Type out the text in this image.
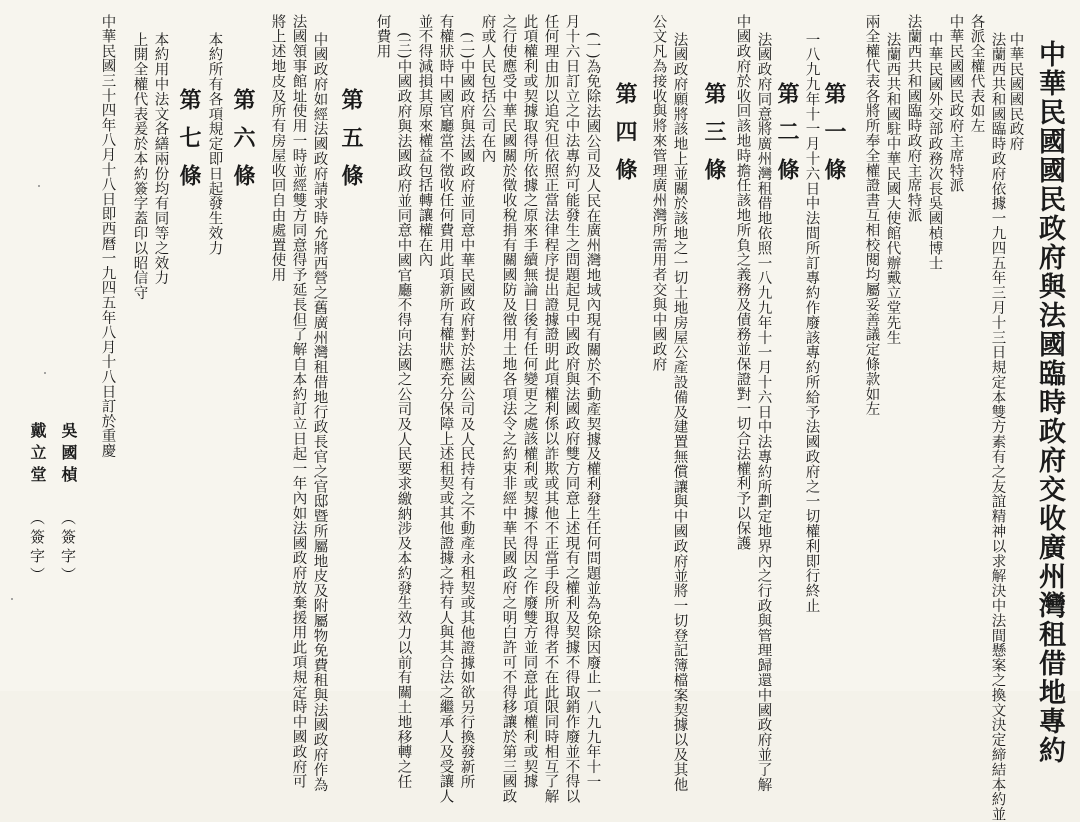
中華民國國民政府與法國臨時政府交收廣州灣租借地專約
中華民國國民政府
法蘭西共和國臨時政府依據一九四五年三月十三日規定本雙方素有之友誼精神以求解決中法間懸案之換文決定締結本約並
各派全權代表如左
中華民國國民政府主席特派
中華民國外交部政務次長吳國楨博士
法蘭西共和國臨時政府主席特派
法蘭西共和國駐中華民國大使館代辦戴立堂先生
兩全權代表各將所奉全權證書互相校閱均屬妥善議定條款如左
第一條
一八九九年十一月十六日中法間所訂專約作廢該專約所給予法國政府之一切權利即行終止
第二條
法國政府同意將廣州灣租借地依照一八九九年十一月十六日中法專約所劃定地界內之行政與管理歸還中國政府並了解
中國政府於收回該地時擔任該地所負之義務及債務並保證對一切合法權利予以保護
第三條
法國政府願將該地上並關於該地之一切土地房屋公產設備及建置無償讓與中國政府並將一切登記簿檔案契據以及其他
公文凡為接收與將來管理廣州灣所需用者交與中國政府
第四條
(一)為免除法國公司及人民在廣州灣地域內現有關於不動產契據及權利發生任何問題並為免除因廢止一八九九年十一
月十六日訂立之中法專約可能發生之問題起見中國政府與法國政府雙方同意上述現有之權利及契據不得取銷作廢並不得以
任何理由加以追究但依照正當法律程序提出證據證明此項權利係以詐欺或其他不正當手段所取得者不在此限同時相互了解
此項權利或契據取得所依據之原來手續無論日後有任何變更之處該權利或契據不得因之作廢雙方並同意此項權利或契據
之行使應受中華民國關於徵收稅捐有關國防及徵用土地各項法令之約束非經中華民國政府之明白許可不得移讓於第三國政
府或人民包括公司在內
(二)中國政府與法國政府並同意中華民國政府對於法國公司及人民持有之不動產永租契或其他證據如欲另行換發新所
有權狀時中國官廳當不徵收任何費用此項新所有權狀應充分保障上述租契或其他證據之持有人與其合法之繼承人及受讓人
並不得減損其原來權益包括轉讓權在內
(三)中國政府與法國政府並同意中國官廳不得向法國之公司及人民要求繳納涉及本約發生效力以前有關土地移轉之任
何費用
第五條
中國政府如經法國政府請求時允將西營之舊廣州灣租借地行政長官之官邸暨所屬地皮及附屬物免費租與法國政府作為
法國領事館址使用一時並經雙方同意得予延長但了解自本約訂立日起一年內如法國政府放棄援用此項規定時中國政府可
將上述地皮及所有房屋收回自由處置使用
第六條
本約所有各項規定即日起發生效力
第七條
本約用中法文各繕兩份均有同等之效力
上開全權代表爰於本約簽字蓋印以昭信守
中華民國三十四年八月十八日即西曆一九四五年八月十八日訂於重慶
吳國楨
（簽字）
戴立堂
（簽字）
